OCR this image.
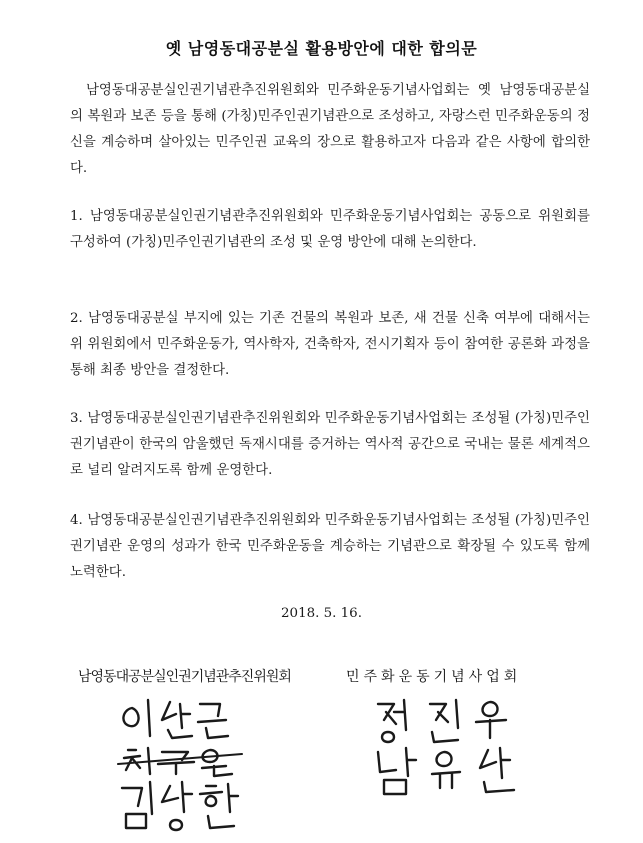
옛 남영동대공분실 활용방안에 대한 합의문

남영동대공분실인권기념관추진위원회와 민주화운동기념사업회는 옛 남영동대공분실의 복원과 보존 등을 통해 (가칭)민주인권기념관으로 조성하고, 자랑스런 민주화운동의 정신을 계승하며 살아있는 민주인권 교육의 장으로 활용하고자 다음과 같은 사항에 합의한다.

1. 남영동대공분실인권기념관추진위원회와 민주화운동기념사업회는 공동으로 위원회를 구성하여 (가칭)민주인권기념관의 조성 및 운영 방안에 대해 논의한다.

2. 남영동대공분실 부지에 있는 기존 건물의 복원과 보존, 새 건물 신축 여부에 대해서는 위 위원회에서 민주화운동가, 역사학자, 건축학자, 전시기획자 등이 참여한 공론화 과정을 통해 최종 방안을 결정한다.

3. 남영동대공분실인권기념관추진위원회와 민주화운동기념사업회는 조성될 (가칭)민주인권기념관이 한국의 암울했던 독재시대를 증거하는 역사적 공간으로 국내는 물론 세계적으로 널리 알려지도록 함께 운영한다.

4. 남영동대공분실인권기념관추진위원회와 민주화운동기념사업회는 조성될 (가칭)민주인권기념관 운영의 성과가 한국 민주화운동을 계승하는 기념관으로 확장될 수 있도록 함께 노력한다.

2018. 5. 16.
남영동대공분실인권기념관추진위원회	민주화운동기념사업회
